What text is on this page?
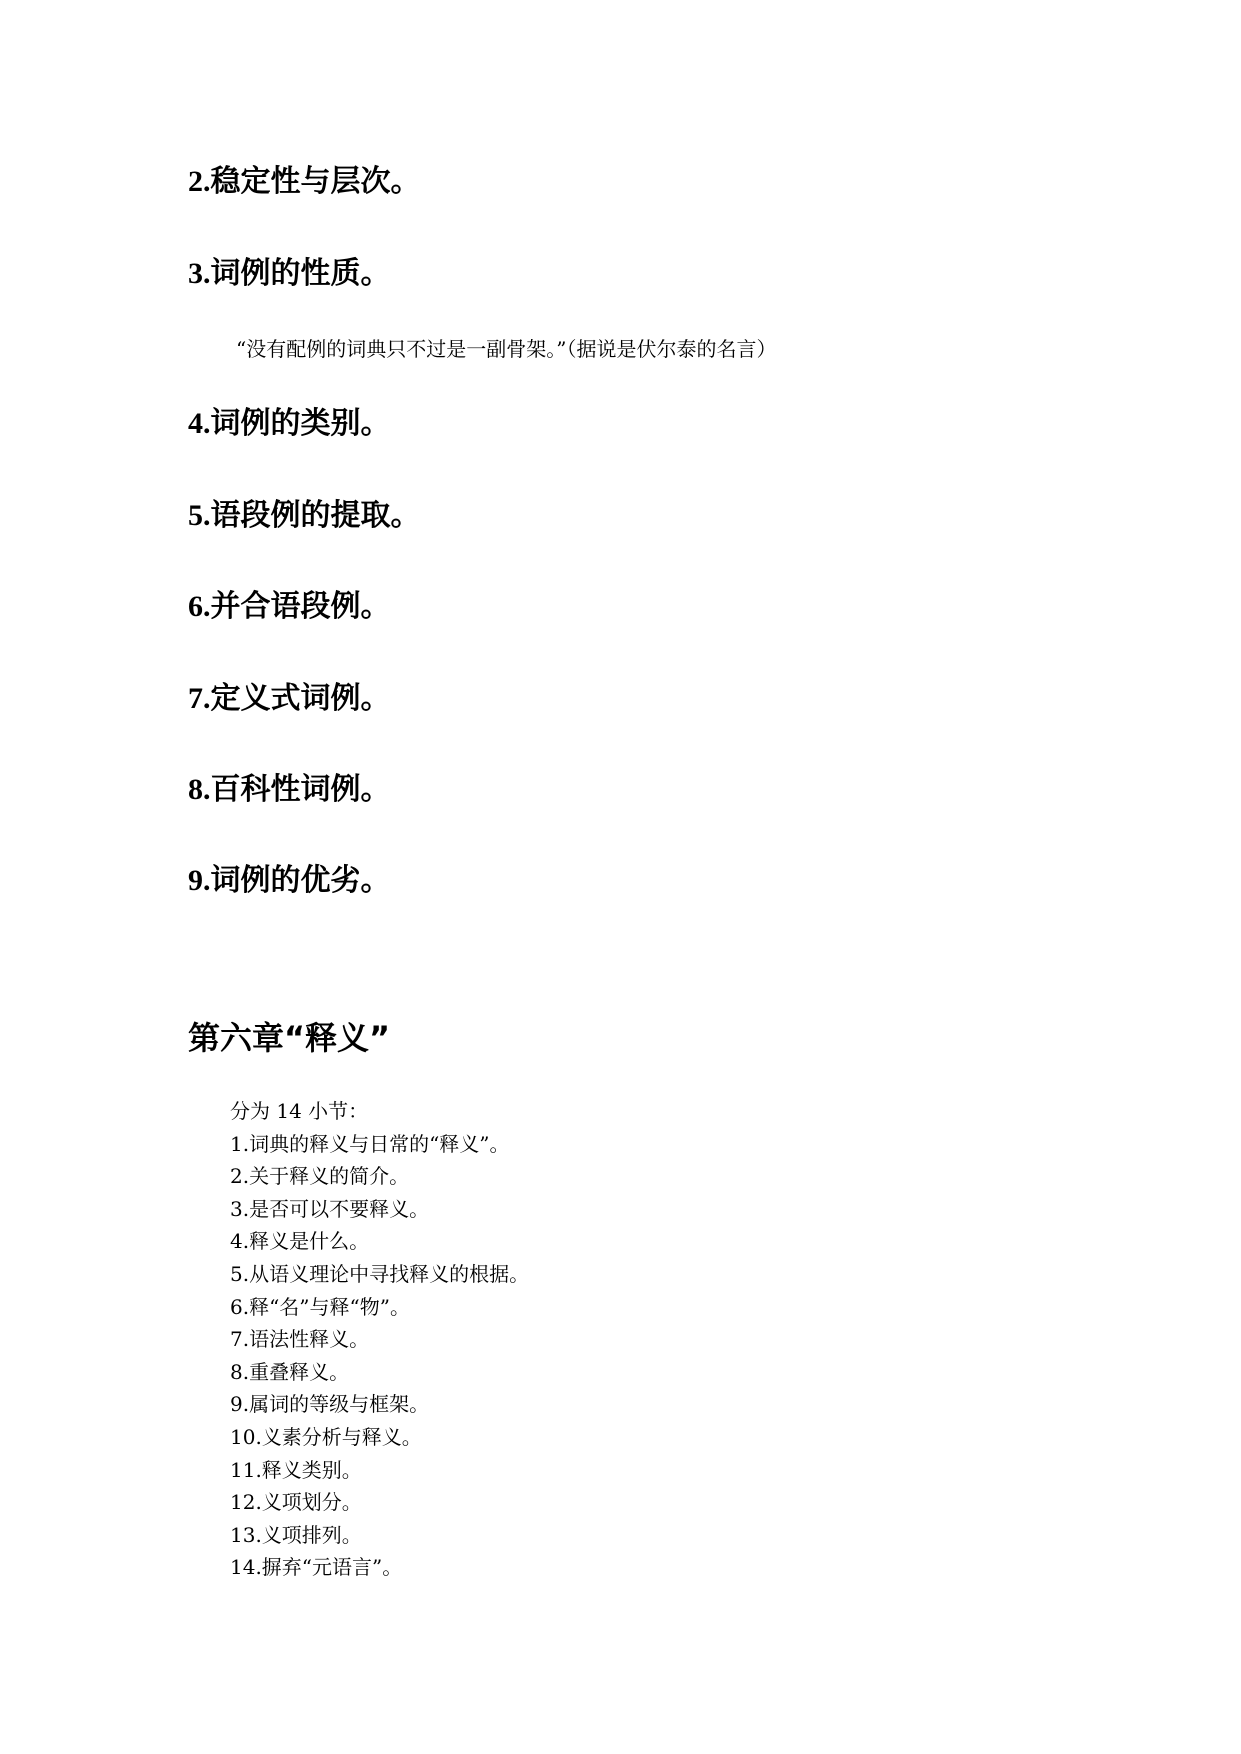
2.稳定性与层次。
3.词例的性质。

“没有配例的词典只不过是一副骨架。”（据说是伏尔泰的名言）

4.词例的类别。
5.语段例的提取。
6.并合语段例。
7.定义式词例。
8.百科性词例。
9.词例的优劣。
第六章“释义”
分为 14 小节：
1.词典的释义与日常的“释义”。
2.关于释义的简介。
3.是否可以不要释义。
4.释义是什么。
5.从语义理论中寻找释义的根据。
6.释“名”与释“物”。
7.语法性释义。
8.重叠释义。
9.属词的等级与框架。
10.义素分析与释义。
11.释义类别。
12.义项划分。
13.义项排列。
14.摒弃“元语言”。
